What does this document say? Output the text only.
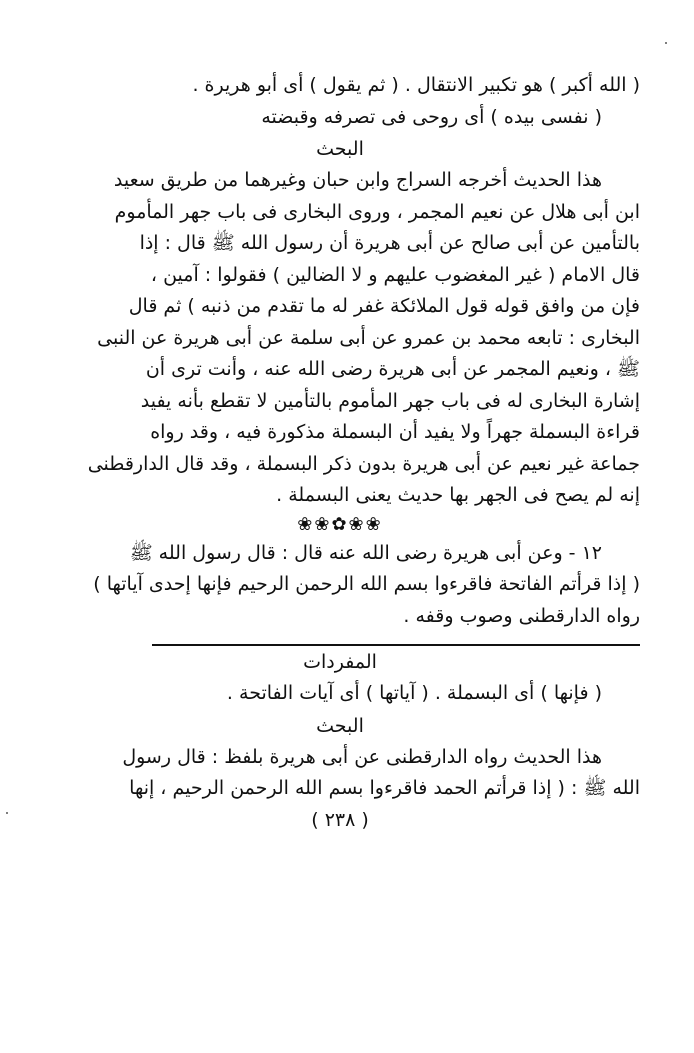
( الله أكبر ) هو تكبير الانتقال . ( ثم يقول ) أى أبو هريرة .
( نفسى بيده ) أى روحى فى تصرفه وقبضته
البحث
هذا الحديث أخرجه السراج وابن حبان وغيرهما من طريق سعيد
ابن أبى هلال عن نعيم المجمر ، وروى البخارى فى باب جهر المأموم
بالتأمين عن أبى صالح عن أبى هريرة أن رسول الله ﷺ قال : إذا
قال الامام ( غير المغضوب عليهم و لا الضالين ) فقولوا : آمين ،
فإن من وافق قوله قول الملائكة غفر له ما تقدم من ذنبه ) ثم قال
البخارى : تابعه محمد بن عمرو عن أبى سلمة عن أبى هريرة عن النبى
ﷺ ، ونعيم المجمر عن أبى هريرة رضى الله عنه ، وأنت ترى أن
إشارة البخارى له فى باب جهر المأموم بالتأمين لا تقطع بأنه يفيد
قراءة البسملة جهراً ولا يفيد أن البسملة مذكورة فيه ، وقد رواه
جماعة غير نعيم عن أبى هريرة بدون ذكر البسملة ، وقد قال الدارقطنى
إنه لم يصح فى الجهر بها حديث يعنى البسملة .
❀❀✿❀❀
١٢ - وعن أبى هريرة رضى الله عنه قال : قال رسول الله ﷺ
( إذا قرأتم الفاتحة فاقرءوا بسم الله الرحمن الرحيم فإنها إحدى آياتها )
رواه الدارقطنى وصوب وقفه .
المفردات
( فإنها ) أى البسملة . ( آياتها ) أى آيات الفاتحة .
البحث
هذا الحديث رواه الدارقطنى عن أبى هريرة بلفظ : قال رسول
الله ﷺ : ( إذا قرأتم الحمد فاقرءوا بسم الله الرحمن الرحيم ، إنها
( ٢٣٨ )
